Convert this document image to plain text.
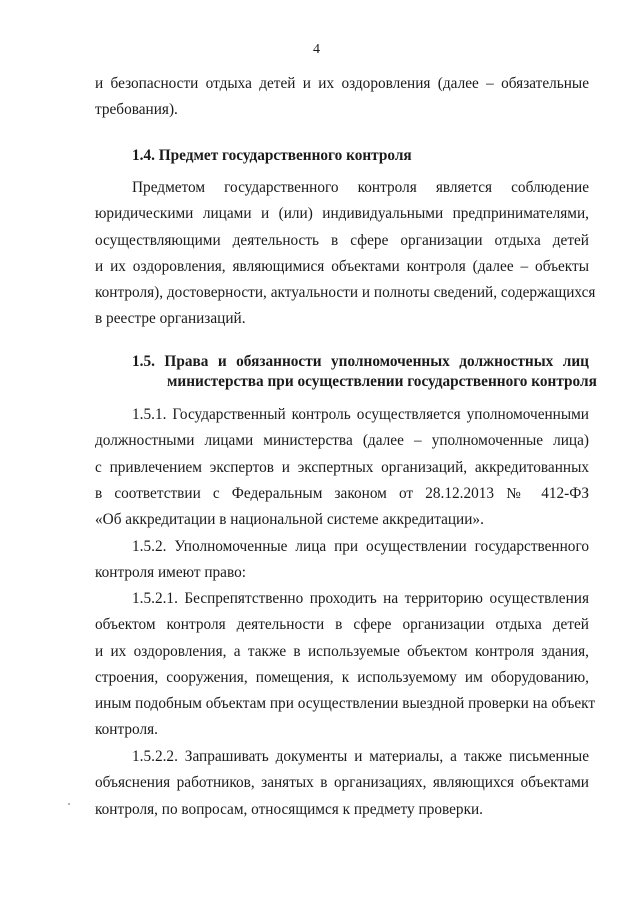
4
и безопасности отдыха детей и их оздоровления (далее – обязательные
требования).
1.4. Предмет государственного контроля
Предметом государственного контроля является соблюдение
юридическими лицами и (или) индивидуальными предпринимателями,
осуществляющими деятельность в сфере организации отдыха детей
и их оздоровления, являющимися объектами контроля (далее – объекты
контроля), достоверности, актуальности и полноты сведений, содержащихся
в реестре организаций.
1.5. Права и обязанности уполномоченных должностных лиц
министерства при осуществлении государственного контроля
1.5.1. Государственный контроль осуществляется уполномоченными
должностными лицами министерства (далее – уполномоченные лица)
с привлечением экспертов и экспертных организаций, аккредитованных
в соответствии с Федеральным законом от 28.12.2013 № 412-ФЗ
«Об аккредитации в национальной системе аккредитации».
1.5.2. Уполномоченные лица при осуществлении государственного
контроля имеют право:
1.5.2.1. Беспрепятственно проходить на территорию осуществления
объектом контроля деятельности в сфере организации отдыха детей
и их оздоровления, а также в используемые объектом контроля здания,
строения, сооружения, помещения, к используемому им оборудованию,
иным подобным объектам при осуществлении выездной проверки на объект
контроля.
1.5.2.2. Запрашивать документы и материалы, а также письменные
объяснения работников, занятых в организациях, являющихся объектами
контроля, по вопросам, относящимся к предмету проверки.
